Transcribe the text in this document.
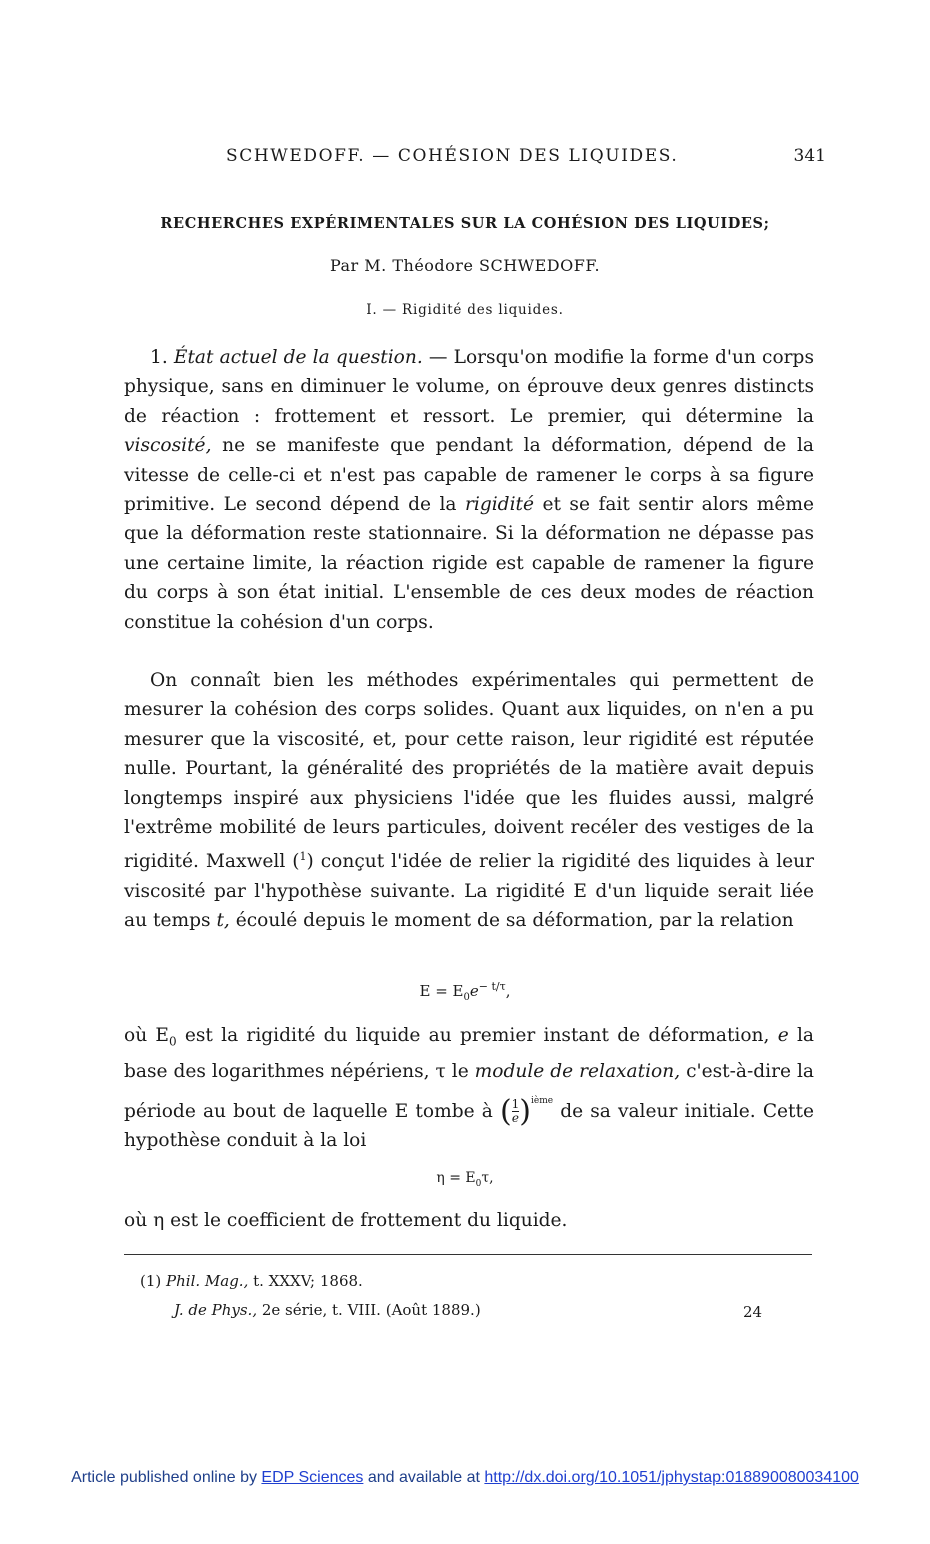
SCHWEDOFF. — COHÉSION DES LIQUIDES.	341
RECHERCHES EXPÉRIMENTALES SUR LA COHÉSION DES LIQUIDES;
Par M. Théodore SCHWEDOFF.
I. — Rigidité des liquides.

1. État actuel de la question. — Lorsqu'on modifie la forme d'un corps physique, sans en diminuer le volume, on éprouve deux genres distincts de réaction : frottement et ressort. Le premier, qui détermine la viscosité, ne se manifeste que pendant la déformation, dépend de la vitesse de celle-ci et n'est pas capable de ramener le corps à sa figure primitive. Le second dépend de la rigidité et se fait sentir alors même que la déformation reste stationnaire. Si la déformation ne dépasse pas une certaine limite, la réaction rigide est capable de ramener la figure du corps à son état initial. L'ensemble de ces deux modes de réaction constitue la cohésion d'un corps.

On connaît bien les méthodes expérimentales qui permettent de mesurer la cohésion des corps solides. Quant aux liquides, on n'en a pu mesurer que la viscosité, et, pour cette raison, leur rigidité est réputée nulle. Pourtant, la généralité des propriétés de la matière avait depuis longtemps inspiré aux physiciens l'idée que les fluides aussi, malgré l'extrême mobilité de leurs particules, doivent recéler des vestiges de la rigidité. Maxwell ($^1$) conçut l'idée de relier la rigidité des liquides à leur viscosité par l'hypothèse suivante. La rigidité E d'un liquide serait liée au temps t, écoulé depuis le moment de sa déformation, par la relation

$E = E_0e^{- t/\tau}$,

où $E_0$ est la rigidité du liquide au premier instant de déformation, e la base des logarithmes népériens, τ le module de relaxation, c'est-à-dire la période au bout de laquelle E tombe à ( $\frac{1}{e} )^{ième}$ de sa valeur initiale. Cette hypothèse conduit à la loi

$\eta = E_0\tau$,

où η est le coefficient de frottement du liquide.

(1) Phil. Mag., t. XXXV; 1868.
J. de Phys., 2e série, t. VIII. (Août 1889.)	24
Article published online by EDP Sciences and available at http://dx.doi.org/10.1051/jphystap:018890080034100
